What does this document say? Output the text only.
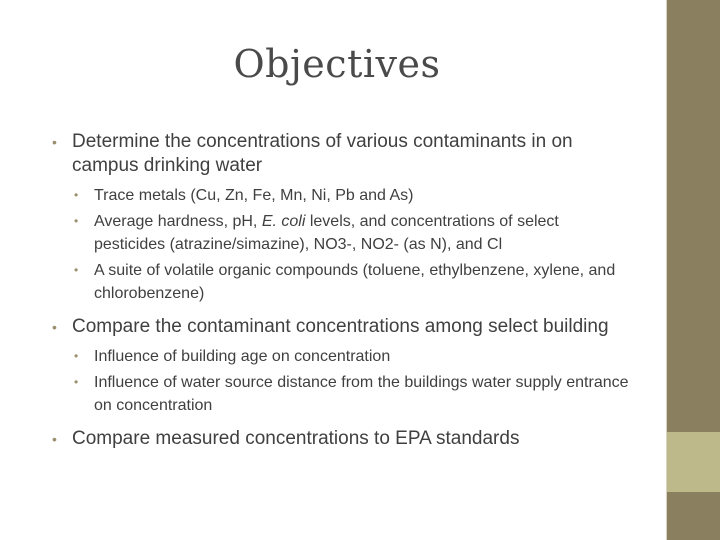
Objectives
• Determine the concentrations of various contaminants in on campus drinking water
• Trace metals (Cu, Zn, Fe, Mn, Ni, Pb and As)
• Average hardness, pH, E. coli levels, and concentrations of select pesticides (atrazine/simazine), NO3-, NO2- (as N), and Cl
• A suite of volatile organic compounds (toluene, ethylbenzene, xylene, and chlorobenzene)
• Compare the contaminant concentrations among select building
• Influence of building age on concentration
• Influence of water source distance from the buildings water supply entrance on concentration
• Compare measured concentrations to EPA standards
